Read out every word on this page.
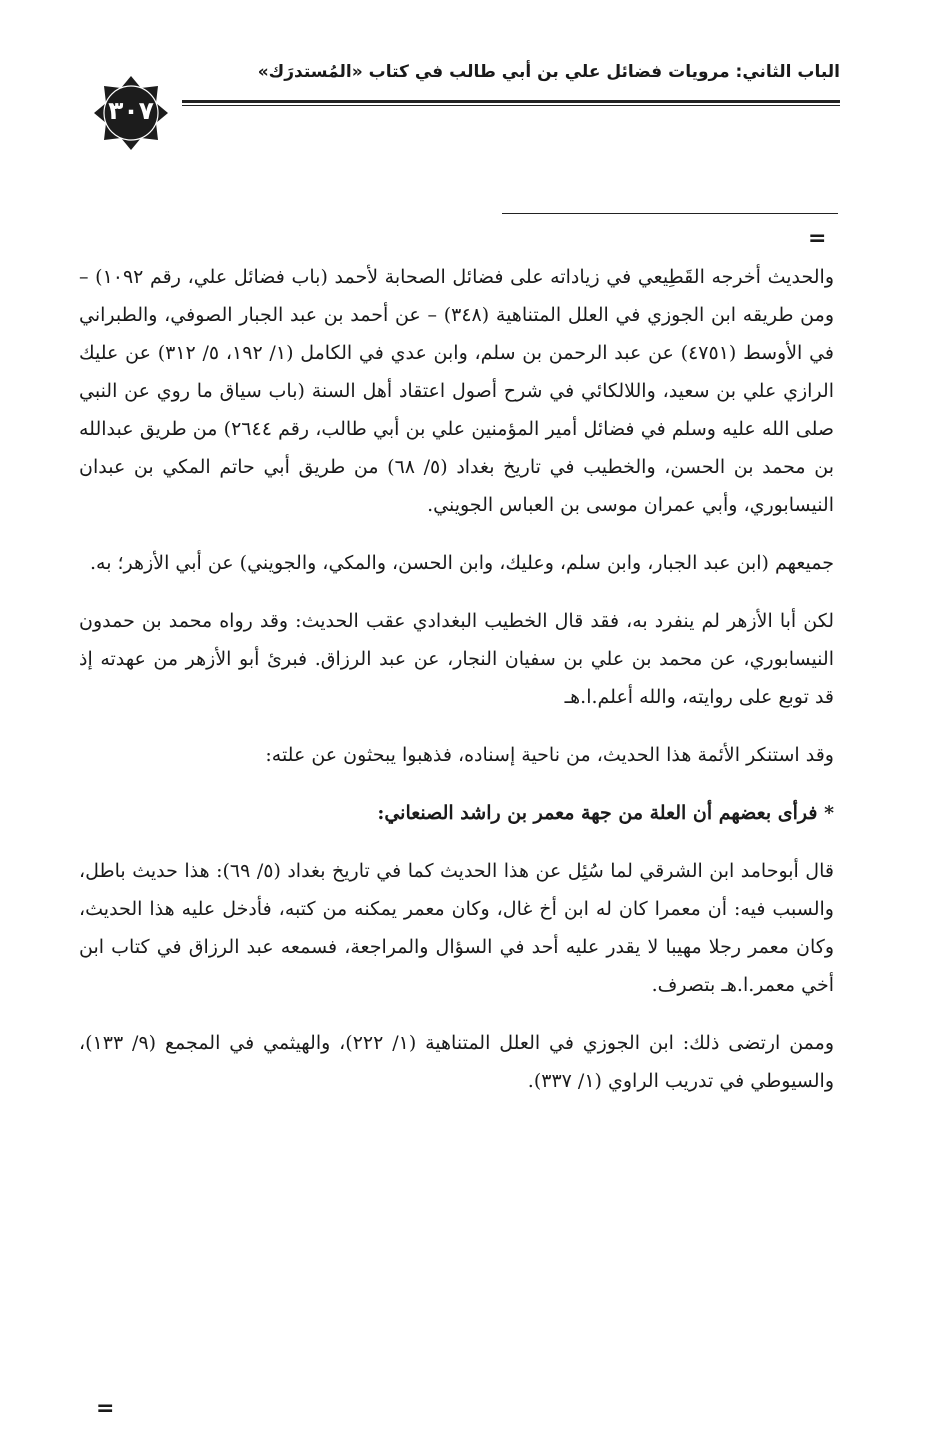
الباب الثاني: مرويات فضائل علي بن أبي طالب في كتاب «المُستدرَك»
٣٠٧
=

والحديث أخرجه القَطِيعي في زياداته على فضائل الصحابة لأحمد (باب فضائل علي، رقم ١٠٩٢) – ومن طريقه ابن الجوزي في العلل المتناهية (٣٤٨) – عن أحمد بن عبد الجبار الصوفي، والطبراني في الأوسط (٤٧٥١) عن عبد الرحمن بن سلم، وابن عدي في الكامل (١/ ١٩٢، ٥/ ٣١٢) عن عليك الرازي علي بن سعيد، واللالكائي في شرح أصول اعتقاد أهل السنة (باب سياق ما روي عن النبي صلى الله عليه وسلم في فضائل أمير المؤمنين علي بن أبي طالب، رقم ٢٦٤٤) من طريق عبدالله بن محمد بن الحسن، والخطيب في تاريخ بغداد (٥/ ٦٨) من طريق أبي حاتم المكي بن عبدان النيسابوري، وأبي عمران موسى بن العباس الجويني.

جميعهم (ابن عبد الجبار، وابن سلم، وعليك، وابن الحسن، والمكي، والجويني) عن أبي الأزهر؛ به.

لكن أبا الأزهر لم ينفرد به، فقد قال الخطيب البغدادي عقب الحديث: وقد رواه محمد بن حمدون النيسابوري، عن محمد بن علي بن سفيان النجار، عن عبد الرزاق. فبرئ أبو الأزهر من عهدته إذ قد توبع على روايته، والله أعلم.ا.هـ

وقد استنكر الأئمة هذا الحديث، من ناحية إسناده، فذهبوا يبحثون عن علته:

* فرأى بعضهم أن العلة من جهة معمر بن راشد الصنعاني:

قال أبوحامد ابن الشرقي لما سُئِل عن هذا الحديث كما في تاريخ بغداد (٥/ ٦٩): هذا حديث باطل، والسبب فيه: أن معمرا كان له ابن أخ غال، وكان معمر يمكنه من كتبه، فأدخل عليه هذا الحديث، وكان معمر رجلا مهيبا لا يقدر عليه أحد في السؤال والمراجعة، فسمعه عبد الرزاق في كتاب ابن أخي معمر.ا.هـ بتصرف.

وممن ارتضى ذلك: ابن الجوزي في العلل المتناهية (١/ ٢٢٢)، والهيثمي في المجمع (٩/ ١٣٣)، والسيوطي في تدريب الراوي (١/ ٣٣٧).

=
